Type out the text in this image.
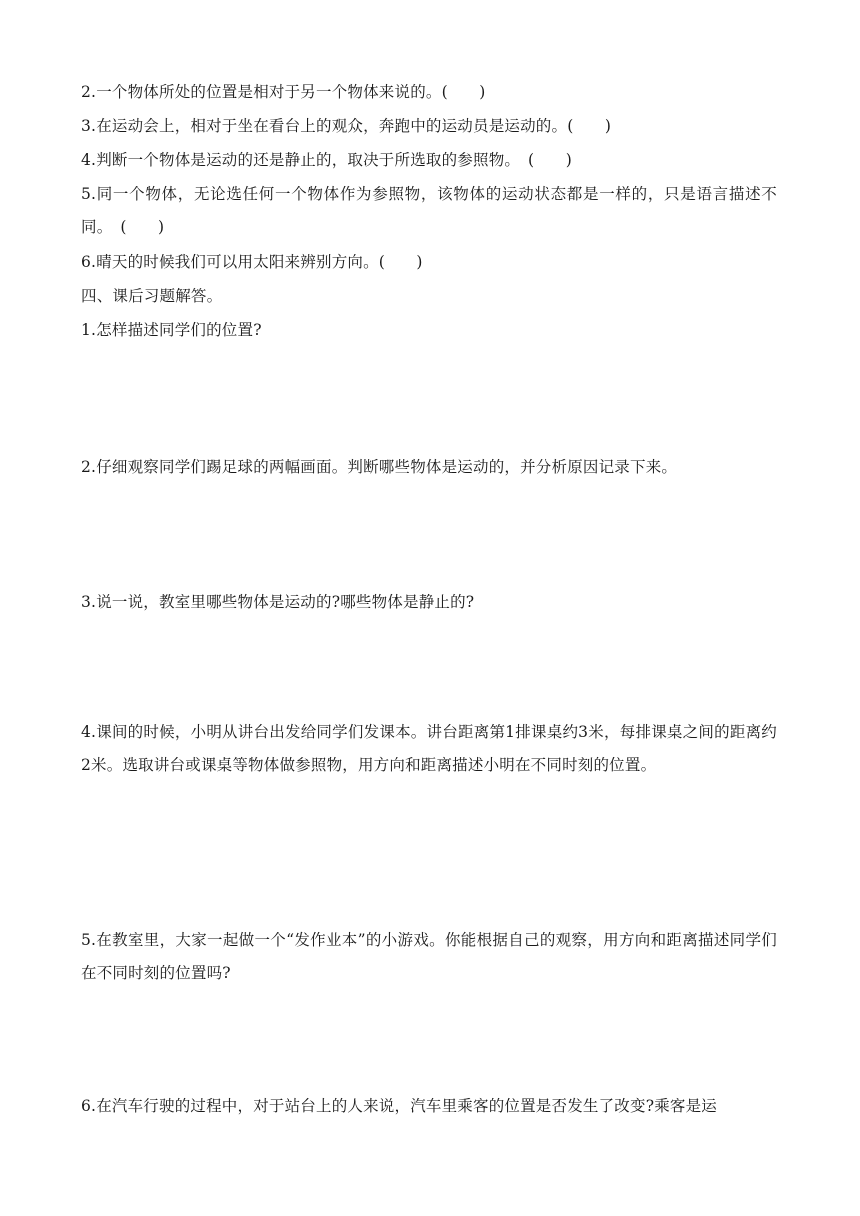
2.一个物体所处的位置是相对于另一个物体来说的。(　　)
3.在运动会上，相对于坐在看台上的观众，奔跑中的运动员是运动的。(　　)
4.判断一个物体是运动的还是静止的，取决于所选取的参照物。　(　　)
5.同一个物体，无论选任何一个物体作为参照物，该物体的运动状态都是一样的，只是语言描述不同。　(　　)
6.晴天的时候我们可以用太阳来辨别方向。(　　)
四、课后习题解答。
1.怎样描述同学们的位置?
2.仔细观察同学们踢足球的两幅画面。判断哪些物体是运动的，并分析原因记录下来。
3.说一说，教室里哪些物体是运动的?哪些物体是静止的?
4.课间的时候，小明从讲台出发给同学们发课本。讲台距离第1排课桌约3米，每排课桌之间的距离约2米。选取讲台或课桌等物体做参照物，用方向和距离描述小明在不同时刻的位置。
5.在教室里，大家一起做一个“发作业本”的小游戏。你能根据自己的观察，用方向和距离描述同学们在不同时刻的位置吗?
6.在汽车行驶的过程中，对于站台上的人来说，汽车里乘客的位置是否发生了改变?乘客是运
